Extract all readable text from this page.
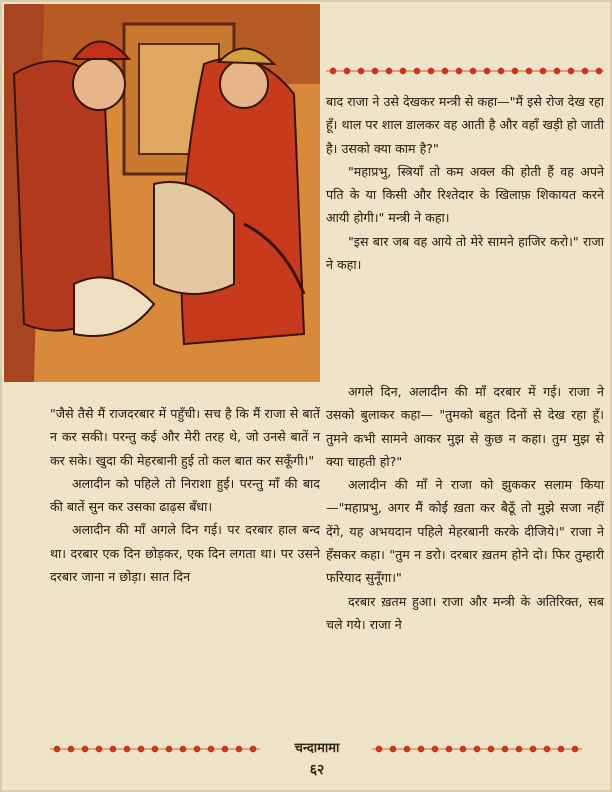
बाद राजा ने उसे देखकर मन्त्री से कहा—"मैं इसे रोज देख रहा हूँ। थाल पर शाल डालकर वह आती है और वहाँ खड़ी हो जाती है। उसको क्या काम है?"

"महाप्रभु, स्त्रियाँ तो कम अक्ल की होती हैं वह अपने पति के या किसी और रिश्तेदार के खिलाफ़ शिकायत करने आयी होगी।" मन्त्री ने कहा।

"इस बार जब वह आये तो मेरे सामने हाजिर करो।" राजा ने कहा।

"जैसे तैसे मैं राजदरबार में पहुँची। सच है कि मैं राजा से बातें न कर सकी। परन्तु कई और मेरी तरह थे, जो उनसे बातें न कर सके। खुदा की मेहरबानी हुई तो कल बात कर सकूँगी।"

अलादीन को पहिले तो निराशा हुई। परन्तु माँ की बाद की बातें सुन कर उसका ढाढ़स बँधा।

अलादीन की माँ अगले दिन गई। पर दरबार हाल बन्द था। दरबार एक दिन छोड़कर, एक दिन लगता था। पर उसने दरबार जाना न छोड़ा। सात दिन

अगले दिन, अलादीन की माँ दरबार में गई। राजा ने उसको बुलाकर कहा— "तुमको बहुत दिनों से देख रहा हूँ। तुमने कभी सामने आकर मुझ से कुछ न कहा। तुम मुझ से क्या चाहती हो?"

अलादीन की माँ ने राजा को झुककर सलाम किया—"महाप्रभु, अगर मैं कोई ख़ता कर बैठूँ तो मुझे सजा नहीं देंगे, यह अभयदान पहिले मेहरबानी करके दीजिये।" राजा ने हँसकर कहा। "तुम न डरो। दरबार ख़तम होने दो। फिर तुम्हारी फरियाद सुनूँगा।"

दरबार ख़तम हुआ। राजा और मन्त्री के अतिरिक्त, सब चले गये। राजा ने

चन्दामामा
६२
